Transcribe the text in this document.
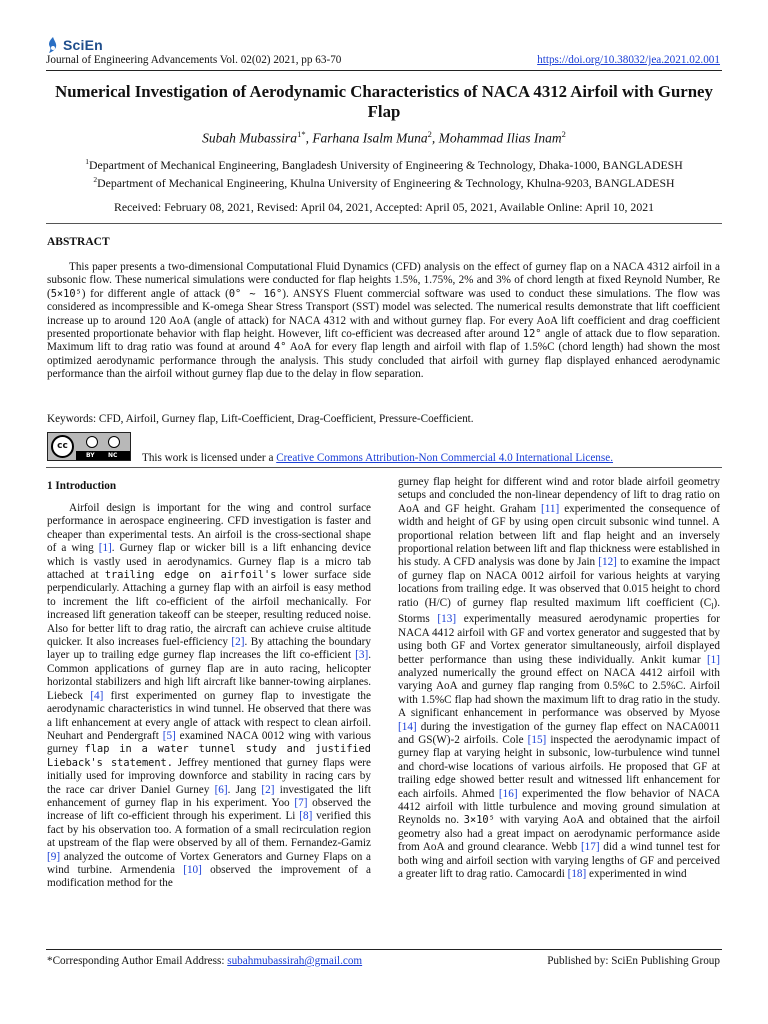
SciEn
Journal of Engineering Advancements Vol. 02(02) 2021, pp 63-70	https://doi.org/10.38032/jea.2021.02.001
Numerical Investigation of Aerodynamic Characteristics of NACA 4312 Airfoil with Gurney Flap
Subah Mubassira$^{1*}$, Farhana Isalm Muna$^2$, Mohammad Ilias Inam$^2$
$^1$Department of Mechanical Engineering, Bangladesh University of Engineering & Technology, Dhaka-1000, BANGLADESH
$^2$Department of Mechanical Engineering, Khulna University of Engineering & Technology, Khulna-9203, BANGLADESH
Received: February 08, 2021, Revised: April 04, 2021, Accepted: April 05, 2021, Available Online: April 10, 2021
ABSTRACT

This paper presents a two-dimensional Computational Fluid Dynamics (CFD) analysis on the effect of gurney flap on a NACA 4312 airfoil in a subsonic flow. These numerical simulations were conducted for flap heights 1.5%, 1.75%, 2% and 3% of chord length at fixed Reynold Number, Re (5×10⁵) for different angle of attack (0° ~ 16°). ANSYS Fluent commercial software was used to conduct these simulations. The flow was considered as incompressible and K-omega Shear Stress Transport (SST) model was selected. The numerical results demonstrate that lift coefficient increase up to around 120 AoA (angle of attack) for NACA 4312 with and without gurney flap. For every AoA lift coefficient and drag coefficient presented proportionate behavior with flap height. However, lift co-efficient was decreased after around 12° angle of attack due to flow separation. Maximum lift to drag ratio was found at around 4° AoA for every flap length and airfoil with flap of 1.5%C (chord length) had shown the most optimized aerodynamic performance through the analysis. This study concluded that airfoil with gurney flap displayed enhanced aerodynamic performance than the airfoil without gurney flap due to the delay in flow separation.

Keywords: CFD, Airfoil, Gurney flap, Lift-Coefficient, Drag-Coefficient, Pressure-Coefficient.
cc
BY NC This work is licensed under a Creative Commons Attribution-Non Commercial 4.0 International License.
1 Introduction

Airfoil design is important for the wing and control surface performance in aerospace engineering. CFD investigation is faster and cheaper than experimental tests. An airfoil is the cross-sectional shape of a wing [1]. Gurney flap or wicker bill is a lift enhancing device which is vastly used in aerodynamics. Gurney flap is a micro tab attached at trailing edge on airfoil's lower surface side perpendicularly. Attaching a gurney flap with an airfoil is easy method to increment the lift co-efficient of the airfoil mechanically. For increased lift generation takeoff can be steeper, resulting reduced noise. Also for better lift to drag ratio, the aircraft can achieve cruise altitude quicker. It also increases fuel-efficiency [2]. By attaching the boundary layer up to trailing edge gurney flap increases the lift co-efficient [3]. Common applications of gurney flap are in auto racing, helicopter horizontal stabilizers and high lift aircraft like banner-towing airplanes. Liebeck [4] first experimented on gurney flap to investigate the aerodynamic characteristics in wind tunnel. He observed that there was a lift enhancement at every angle of attack with respect to clean airfoil. Neuhart and Pendergraft [5] examined NACA 0012 wing with various gurney flap in a water tunnel study and justified Lieback's statement. Jeffrey mentioned that gurney flaps were initially used for improving downforce and stability in racing cars by the race car driver Daniel Gurney [6]. Jang [2] investigated the lift enhancement of gurney flap in his experiment. Yoo [7] observed the increase of lift co-efficient through his experiment. Li [8] verified this fact by his observation too. A formation of a small recirculation region at upstream of the flap were observed by all of them. Fernandez-Gamiz [9] analyzed the outcome of Vortex Generators and Gurney Flaps on a wind turbine. Armendenia [10] observed the improvement of a modification method for the

gurney flap height for different wind and rotor blade airfoil geometry setups and concluded the non-linear dependency of lift to drag ratio on AoA and GF height. Graham [11] experimented the consequence of width and height of GF by using open circuit subsonic wind tunnel. A proportional relation between lift and flap height and an inversely proportional relation between lift and flap thickness were established in his study. A CFD analysis was done by Jain [12] to examine the impact of gurney flap on NACA 0012 airfoil for various heights at varying locations from trailing edge. It was observed that 0.015 height to chord ratio (H/C) of gurney flap resulted maximum lift coefficient $(C_l)$. Storms [13] experimentally measured aerodynamic properties for NACA 4412 airfoil with GF and vortex generator and suggested that by using both GF and Vortex generator simultaneously, airfoil displayed better performance than using these individually. Ankit kumar [1] analyzed numerically the ground effect on NACA 4412 airfoil with varying AoA and gurney flap ranging from 0.5%C to 2.5%C. Airfoil with 1.5%C flap had shown the maximum lift to drag ratio in the study. A significant enhancement in performance was observed by Myose [14] during the investigation of the gurney flap effect on NACA0011 and GS(W)-2 airfoils. Cole [15] inspected the aerodynamic impact of gurney flap at varying height in subsonic, low-turbulence wind tunnel and chord-wise locations of various airfoils. He proposed that GF at trailing edge showed better result and witnessed lift enhancement for each airfoils. Ahmed [16] experimented the flow behavior of NACA 4412 airfoil with little turbulence and moving ground simulation at Reynolds no. 3×10⁵ with varying AoA and obtained that the airfoil geometry also had a great impact on aerodynamic performance aside from AoA and ground clearance. Webb [17] did a wind tunnel test for both wing and airfoil section with varying lengths of GF and perceived a greater lift to drag ratio. Camocardi [18] experimented in wind

*Corresponding Author Email Address: subahmubassirah@gmail.com	Published by: SciEn Publishing Group
